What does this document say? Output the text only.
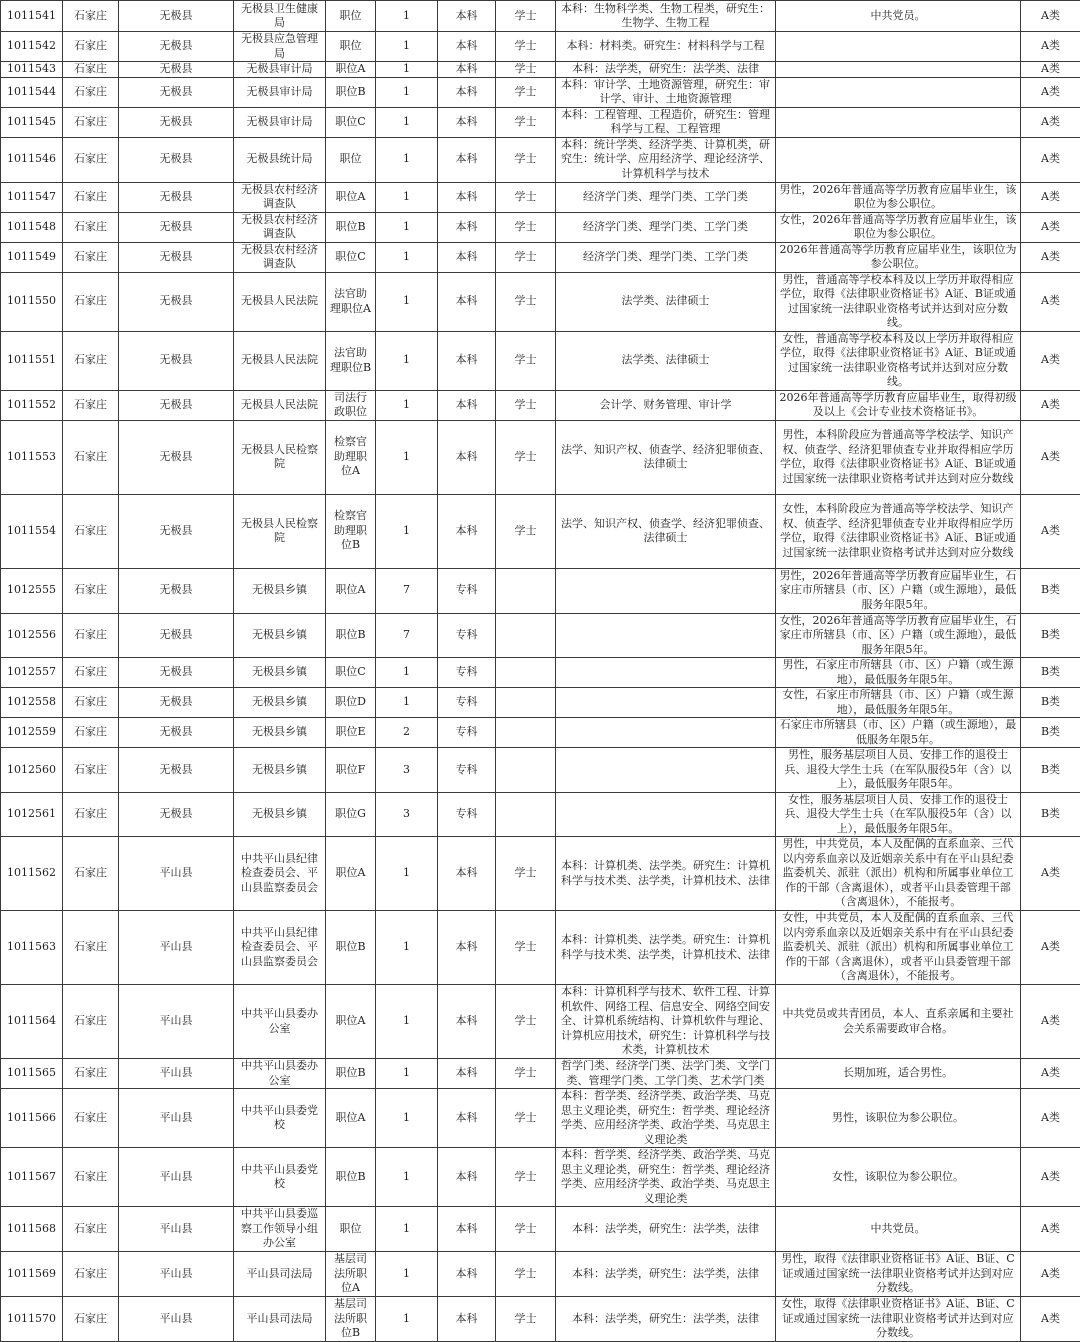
1011541	石家庄	无极县	无极县卫生健康局	职位	1	本科	学士	本科：生物科学类、生物工程类，研究生：生物学、生物工程	中共党员。	A类
1011542	石家庄	无极县	无极县应急管理局	职位	1	本科	学士	本科：材料类。研究生：材料科学与工程		A类
1011543	石家庄	无极县	无极县审计局	职位A	1	本科	学士	本科：法学类，研究生：法学类、法律		A类
1011544	石家庄	无极县	无极县审计局	职位B	1	本科	学士	本科：审计学、土地资源管理，研究生：审计学、审计、土地资源管理		A类
1011545	石家庄	无极县	无极县审计局	职位C	1	本科	学士	本科：工程管理、工程造价，研究生：管理科学与工程、工程管理		A类
1011546	石家庄	无极县	无极县统计局	职位	1	本科	学士	本科：统计学类、经济学类、计算机类，研究生：统计学、应用经济学、理论经济学、计算机科学与技术		A类
1011547	石家庄	无极县	无极县农村经济调查队	职位A	1	本科	学士	经济学门类、理学门类、工学门类	男性，2026年普通高等学历教育应届毕业生，该职位为参公职位。	A类
1011548	石家庄	无极县	无极县农村经济调查队	职位B	1	本科	学士	经济学门类、理学门类、工学门类	女性，2026年普通高等学历教育应届毕业生，该职位为参公职位。	A类
1011549	石家庄	无极县	无极县农村经济调查队	职位C	1	本科	学士	经济学门类、理学门类、工学门类	2026年普通高等学历教育应届毕业生，该职位为参公职位。	A类
1011550	石家庄	无极县	无极县人民法院	法官助理职位A	1	本科	学士	法学类、法律硕士	男性，普通高等学校本科及以上学历并取得相应学位，取得《法律职业资格证书》A证、B证或通过国家统一法律职业资格考试并达到对应分数线。	A类
1011551	石家庄	无极县	无极县人民法院	法官助理职位B	1	本科	学士	法学类、法律硕士	女性，普通高等学校本科及以上学历并取得相应学位，取得《法律职业资格证书》A证、B证或通过国家统一法律职业资格考试并达到对应分数线。	A类
1011552	石家庄	无极县	无极县人民法院	司法行政职位	1	本科	学士	会计学、财务管理、审计学	2026年普通高等学历教育应届毕业生，取得初级及以上《会计专业技术资格证书》。	A类
1011553	石家庄	无极县	无极县人民检察院	检察官助理职位A	1	本科	学士	法学、知识产权、侦查学、经济犯罪侦查、法律硕士	男性，本科阶段应为普通高等学校法学、知识产权、侦查学、经济犯罪侦查专业并取得相应学历学位，取得《法律职业资格证书》A证、B证或通过国家统一法律职业资格考试并达到对应分数线	A类
1011554	石家庄	无极县	无极县人民检察院	检察官助理职位B	1	本科	学士	法学、知识产权、侦查学、经济犯罪侦查、法律硕士	女性，本科阶段应为普通高等学校法学、知识产权、侦查学、经济犯罪侦查专业并取得相应学历学位，取得《法律职业资格证书》A证、B证或通过国家统一法律职业资格考试并达到对应分数线	A类
1012555	石家庄	无极县	无极县乡镇	职位A	7	专科			男性，2026年普通高等学历教育应届毕业生，石家庄市所辖县（市、区）户籍（或生源地），最低服务年限5年。	B类
1012556	石家庄	无极县	无极县乡镇	职位B	7	专科			女性，2026年普通高等学历教育应届毕业生，石家庄市所辖县（市、区）户籍（或生源地），最低服务年限5年。	B类
1012557	石家庄	无极县	无极县乡镇	职位C	1	专科			男性，石家庄市所辖县（市、区）户籍（或生源地），最低服务年限5年。	B类
1012558	石家庄	无极县	无极县乡镇	职位D	1	专科			女性，石家庄市所辖县（市、区）户籍（或生源地），最低服务年限5年。	B类
1012559	石家庄	无极县	无极县乡镇	职位E	2	专科			石家庄市所辖县（市、区）户籍（或生源地），最低服务年限5年。	B类
1012560	石家庄	无极县	无极县乡镇	职位F	3	专科			男性，服务基层项目人员、安排工作的退役士兵、退役大学生士兵（在军队服役5年（含）以上），最低服务年限5年。	B类
1012561	石家庄	无极县	无极县乡镇	职位G	3	专科			女性，服务基层项目人员、安排工作的退役士兵、退役大学生士兵（在军队服役5年（含）以上），最低服务年限5年。	B类
1011562	石家庄	平山县	中共平山县纪律检查委员会、平山县监察委员会	职位A	1	本科	学士	本科：计算机类、法学类。研究生：计算机科学与技术类、法学类，计算机技术、法律	男性，中共党员，本人及配偶的直系血亲、三代以内旁系血亲以及近姻亲关系中有在平山县纪委监委机关、派驻（派出）机构和所属事业单位工作的干部（含离退休），或者平山县委管理干部（含离退休），不能报考。	A类
1011563	石家庄	平山县	中共平山县纪律检查委员会、平山县监察委员会	职位B	1	本科	学士	本科：计算机类、法学类。研究生：计算机科学与技术类、法学类，计算机技术、法律	女性，中共党员，本人及配偶的直系血亲、三代以内旁系血亲以及近姻亲关系中有在平山县纪委监委机关、派驻（派出）机构和所属事业单位工作的干部（含离退休），或者平山县委管理干部（含离退休），不能报考。	A类
1011564	石家庄	平山县	中共平山县委办公室	职位A	1	本科	学士	本科：计算机科学与技术、软件工程、计算机软件、网络工程、信息安全、网络空间安全、计算机系统结构、计算机软件与理论、计算机应用技术，研究生：计算机科学与技术类，计算机技术	中共党员或共青团员，本人、直系亲属和主要社会关系需要政审合格。	A类
1011565	石家庄	平山县	中共平山县委办公室	职位B	1	本科	学士	哲学门类、经济学门类、法学门类、文学门类、管理学门类、工学门类、艺术学门类	长期加班，适合男性。	A类
1011566	石家庄	平山县	中共平山县委党校	职位A	1	本科	学士	本科：哲学类、经济学类、政治学类、马克思主义理论类，研究生：哲学类、理论经济学类、应用经济学类、政治学类、马克思主义理论类	男性，该职位为参公职位。	A类
1011567	石家庄	平山县	中共平山县委党校	职位B	1	本科	学士	本科：哲学类、经济学类、政治学类、马克思主义理论类，研究生：哲学类、理论经济学类、应用经济学类、政治学类、马克思主义理论类	女性，该职位为参公职位。	A类
1011568	石家庄	平山县	中共平山县委巡察工作领导小组办公室	职位	1	本科	学士	本科：法学类，研究生：法学类，法律	中共党员。	A类
1011569	石家庄	平山县	平山县司法局	基层司法所职位A	1	本科	学士	本科：法学类，研究生：法学类，法律	男性，取得《法律职业资格证书》A证、B证、C证或通过国家统一法律职业资格考试并达到对应分数线。	A类
1011570	石家庄	平山县	平山县司法局	基层司法所职位B	1	本科	学士	本科：法学类，研究生：法学类，法律	女性，取得《法律职业资格证书》A证、B证、C证或通过国家统一法律职业资格考试并达到对应分数线。	A类
